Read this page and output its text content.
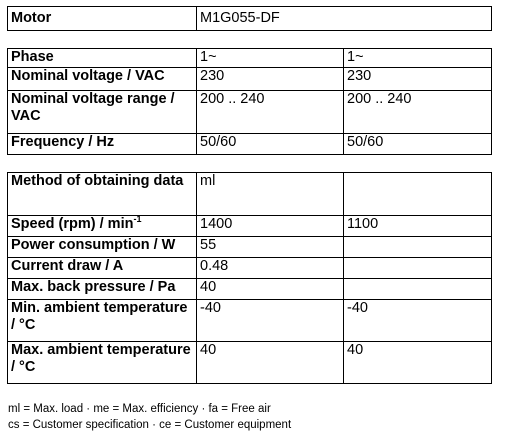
Motor	M1G055-DF
Phase	1~	1~
Nominal voltage / VAC	230	230
Nominal voltage range / VAC	200 .. 240	200 .. 240
Frequency / Hz	50/60	50/60
Method of obtaining data	ml	
Speed $(rpm) / \min^{-1}$	1400	1100
Power consumption / W	55	
Current draw / A	0.48	
Max. back pressure / Pa	40	
Min. ambient temperature / °C	-40	-40
Max. ambient temperature / °C	40	40
ml = Max. load · me = Max. efficiency · fa = Free air
cs = Customer specification · ce = Customer equipment
